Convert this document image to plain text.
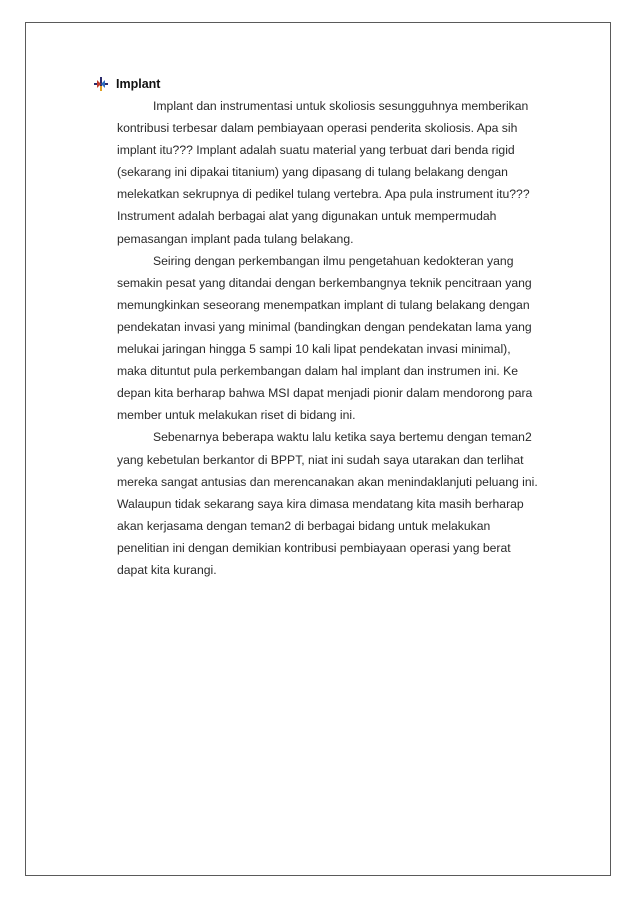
Implant
Implant dan instrumentasi untuk skoliosis sesungguhnya memberikan
kontribusi terbesar dalam pembiayaan operasi penderita skoliosis. Apa sih
implant itu??? Implant adalah suatu material yang terbuat dari benda rigid
(sekarang ini dipakai titanium) yang dipasang di tulang belakang dengan
melekatkan sekrupnya di pedikel tulang vertebra. Apa pula instrument itu???
Instrument adalah berbagai alat yang digunakan untuk mempermudah
pemasangan implant pada tulang belakang.
Seiring dengan perkembangan ilmu pengetahuan kedokteran yang
semakin pesat yang ditandai dengan berkembangnya teknik pencitraan yang
memungkinkan seseorang menempatkan implant di tulang belakang dengan
pendekatan invasi yang minimal (bandingkan dengan pendekatan lama yang
melukai jaringan hingga 5 sampi 10 kali lipat pendekatan invasi minimal),
maka dituntut pula perkembangan dalam hal implant dan instrumen ini. Ke
depan kita berharap bahwa MSI dapat menjadi pionir dalam mendorong para
member untuk melakukan riset di bidang ini.
Sebenarnya beberapa waktu lalu ketika saya bertemu dengan teman2
yang kebetulan berkantor di BPPT, niat ini sudah saya utarakan dan terlihat
mereka sangat antusias dan merencanakan akan menindaklanjuti peluang ini.
Walaupun tidak sekarang saya kira dimasa mendatang kita masih berharap
akan kerjasama dengan teman2 di berbagai bidang untuk melakukan
penelitian ini dengan demikian kontribusi pembiayaan operasi yang berat
dapat kita kurangi.
